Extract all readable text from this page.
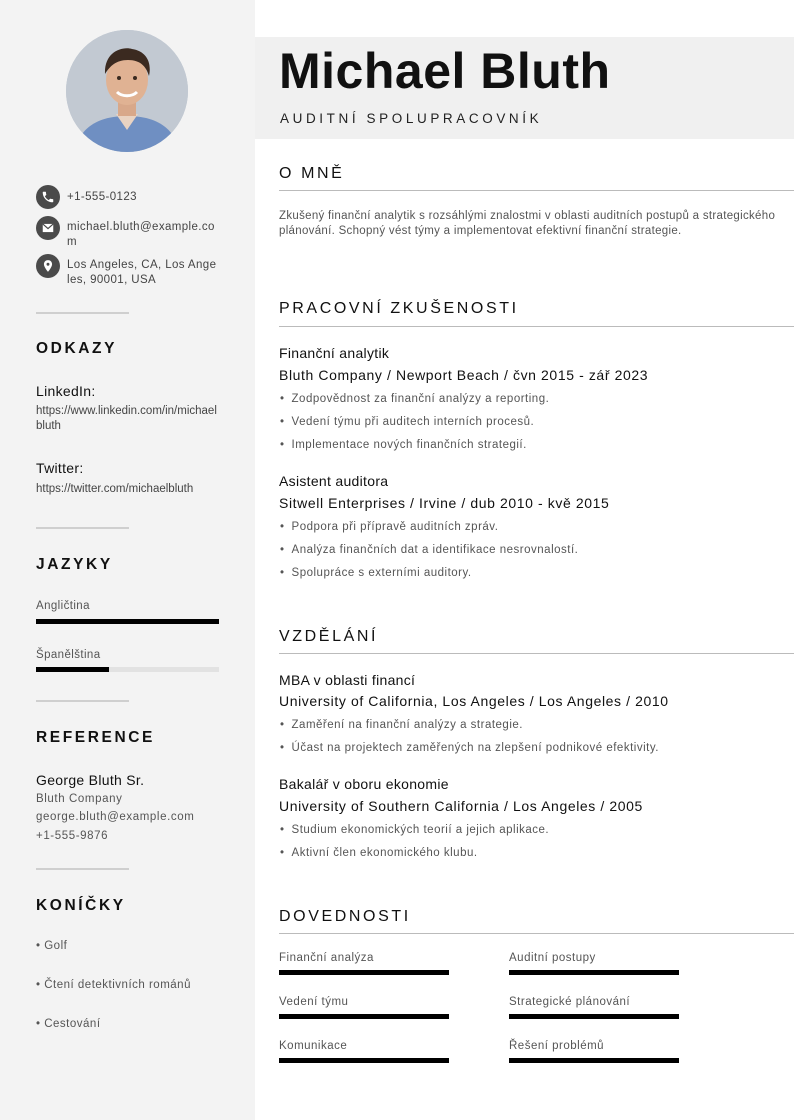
+1-555-0123
michael.bluth@example.com
Los Angeles, CA, Los Angeles, 90001, USA
ODKAZY
LinkedIn:
https://www.linkedin.com/in/michaelbluth
Twitter:
https://twitter.com/michaelbluth
JAZYKY
Angličtina
Španělština
REFERENCE
George Bluth Sr.
Bluth Company
george.bluth@example.com
+1-555-9876
KONÍČKY
• Golf
• Čtení detektivních románů
• Cestování
Michael Bluth
AUDITNÍ SPOLUPRACOVNÍK
O MNĚ
Zkušený finanční analytik s rozsáhlými znalostmi v oblasti auditních postupů a strategického plánování. Schopný vést týmy a implementovat efektivní finanční strategie.
PRACOVNÍ ZKUŠENOSTI
Finanční analytik
Bluth Company / Newport Beach / čvn 2015 - zář 2023
• Zodpovědnost za finanční analýzy a reporting.
• Vedení týmu při auditech interních procesů.
• Implementace nových finančních strategií.
Asistent auditora
Sitwell Enterprises / Irvine / dub 2010 - kvě 2015
• Podpora při přípravě auditních zpráv.
• Analýza finančních dat a identifikace nesrovnalostí.
• Spolupráce s externími auditory.
VZDĚLÁNÍ
MBA v oblasti financí
University of California, Los Angeles / Los Angeles / 2010
• Zaměření na finanční analýzy a strategie.
• Účast na projektech zaměřených na zlepšení podnikové efektivity.
Bakalář v oboru ekonomie
University of Southern California / Los Angeles / 2005
• Studium ekonomických teorií a jejich aplikace.
• Aktivní člen ekonomického klubu.
DOVEDNOSTI
Finanční analýza	Auditní postupy
Vedení týmu	Strategické plánování
Komunikace	Řešení problémů
